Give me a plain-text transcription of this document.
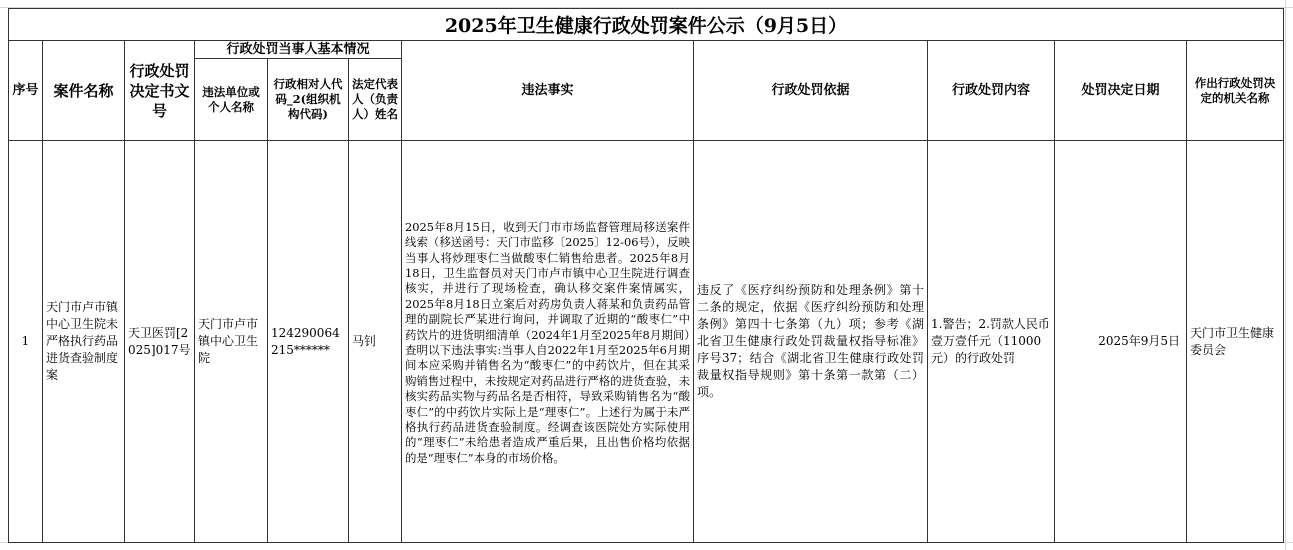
2025年卫生健康行政处罚案件公示（9月5日）										
序号	案件名称	行政处罚决定书文号	行政处罚当事人基本情况			违法事实	行政处罚依据	行政处罚内容	处罚决定日期	作出行政处罚决定的机关名称
			违法单位或个人名称	行政相对人代码_2(组织机构代码)	法定代表人（负责人）姓名					
1	天门市卢市镇中心卫生院未严格执行药品进货查验制度案	天卫医罚[2025]017号	天门市卢市镇中心卫生院	124290064215******	马钊	2025年8月15日，收到天门市市场监督管理局移送案件线索（移送函号：天门市监移〔2025〕12-06号），反映当事人将炒理枣仁当做酸枣仁销售给患者。2025年8月18日，卫生监督员对天门市卢市镇中心卫生院进行调查核实，并进行了现场检查，确认移交案件案情属实，2025年8月18日立案后对药房负责人蒋某和负责药品管理的副院长严某进行询问，并调取了近期的“酸枣仁”中药饮片的进货明细清单（2024年1月至2025年8月期间）查明以下违法事实:当事人自2022年1月至2025年6月期间本应采购并销售名为“酸枣仁”的中药饮片，但在其采购销售过程中，未按规定对药品进行严格的进货查验，未核实药品实物与药品名是否相符，导致采购销售名为“酸枣仁”的中药饮片实际上是“理枣仁”。上述行为属于未严格执行药品进货查验制度。经调查该医院处方实际使用的“理枣仁”未给患者造成严重后果，且出售价格均依据的是“理枣仁”本身的市场价格。	违反了《医疗纠纷预防和处理条例》第十二条的规定，依据《医疗纠纷预防和处理条例》第四十七条第（九）项；参考《湖北省卫生健康行政处罚裁量权指导标准》序号37；结合《湖北省卫生健康行政处罚裁量权指导规则》第十条第一款第（二）项。	1.警告；2.罚款人民币壹万壹仟元（11000元）的行政处罚	2025年9月5日	天门市卫生健康委员会
